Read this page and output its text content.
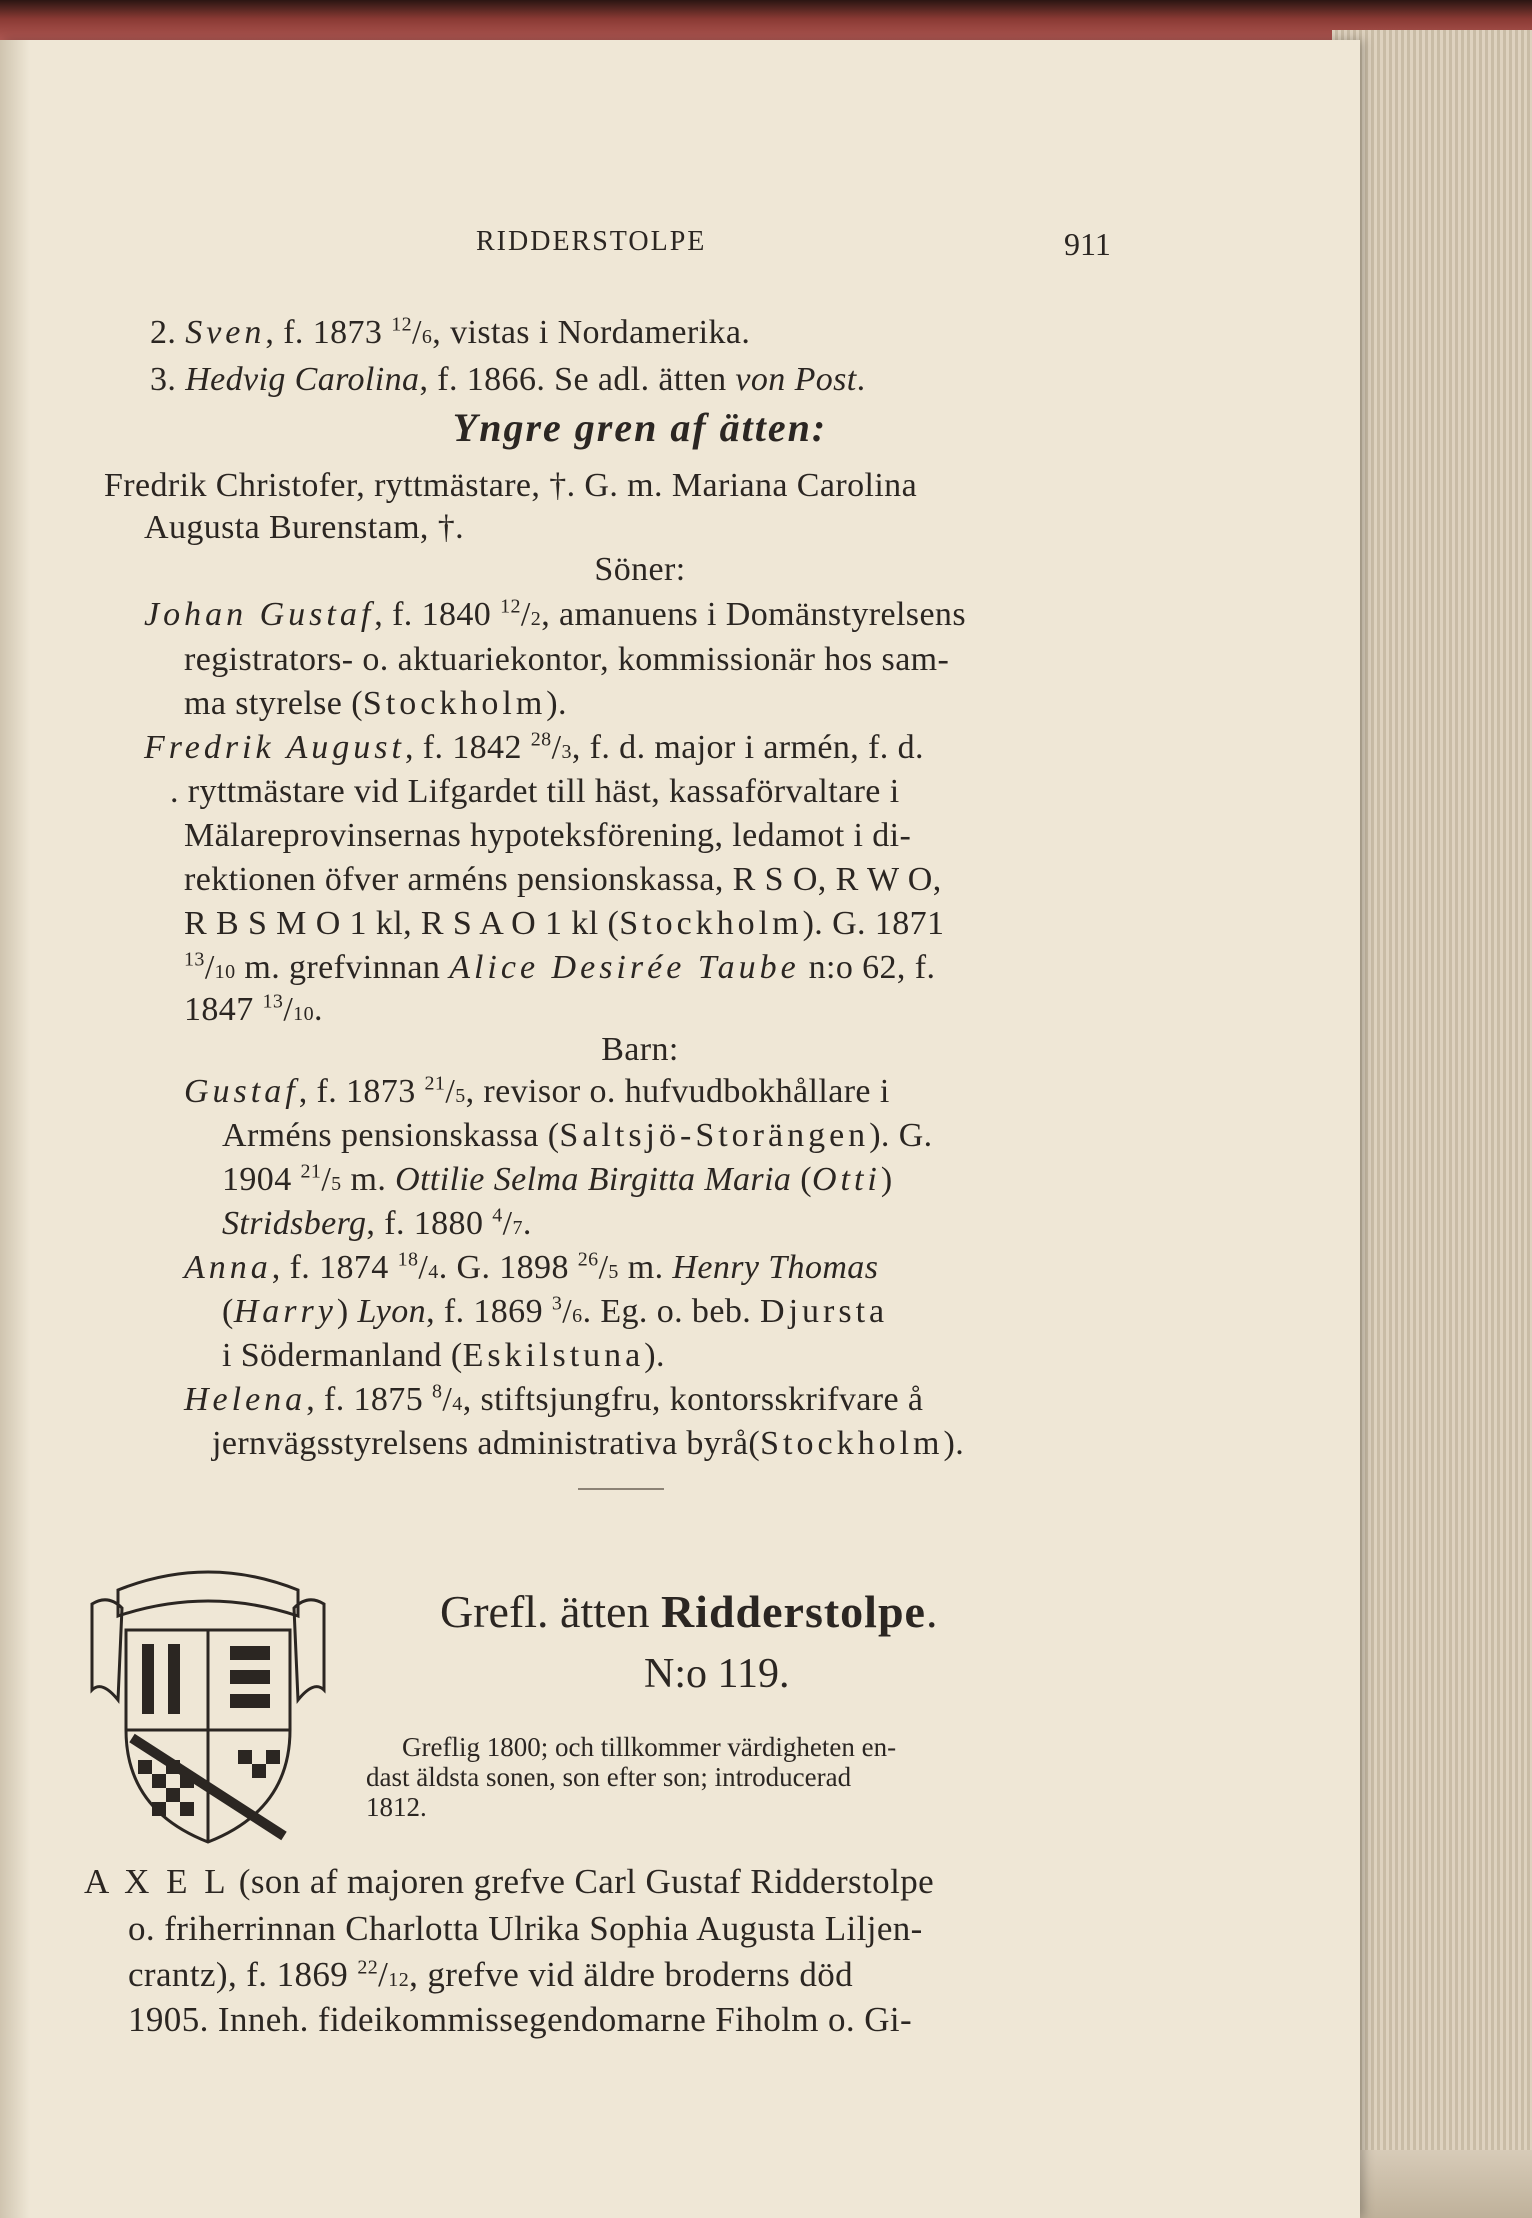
RIDDERSTOLPE	911
2. Sven, f. 1873 $^{12}$/6, vistas i Nordamerika.
3. Hedvig Carolina, f. 1866. Se adl. ätten von Post.
Yngre gren af ätten:
Fredrik Christofer, ryttmästare, †. G. m. Mariana Carolina
Augusta Burenstam, †.
Söner:
Johan Gustaf, f. 1840 $^{12}$/2, amanuens i Domänstyrelsens
registrators- o. aktuariekontor, kommissionär hos sam-
ma styrelse (Stockholm).
Fredrik August, f. 1842 $^{28}$/3, f. d. major i armén, f. d.
. ryttmästare vid Lifgardet till häst, kassaförvaltare i
Mälareprovinsernas hypoteksförening, ledamot i di-
rektionen öfver arméns pensionskassa, R S O, R W O,
R B S M O 1 kl, R S A O 1 kl (Stockholm). G. 1871
$^{13}$/10 m. grefvinnan Alice Desirée Taube n:o 62, f.
1847 $^{13}$/10.
Barn:
Gustaf, f. 1873 $^{21}$/5, revisor o. hufvudbokhållare i
Arméns pensionskassa (Saltsjö-Storängen). G.
1904 $^{21}$/5 m. Ottilie Selma Birgitta Maria (Otti)
Stridsberg, f. 1880 $^4$/7.
Anna, f. 1874 $^{18}$/4. G. 1898 $^{26}$/5 m. Henry Thomas
(Harry) Lyon, f. 1869 $^3$/6. Eg. o. beb. Djursta
i Södermanland (Eskilstuna).
Helena, f. 1875 $^8$/4, stiftsjungfru, kontorsskrifvare å
jernvägsstyrelsens administrativa byrå(Stockholm).
Grefl. ätten Ridderstolpe.
N:o 119.
Greflig 1800; och tillkommer värdigheten en-
dast äldsta sonen, son efter son; introducerad
1812.
A X E L (son af majoren grefve Carl Gustaf Ridderstolpe
o. friherrinnan Charlotta Ulrika Sophia Augusta Liljen-
crantz), f. 1869 $^{22}$/12, grefve vid äldre broderns död
1905. Inneh. fideikommissegendomarne Fiholm o. Gi-
